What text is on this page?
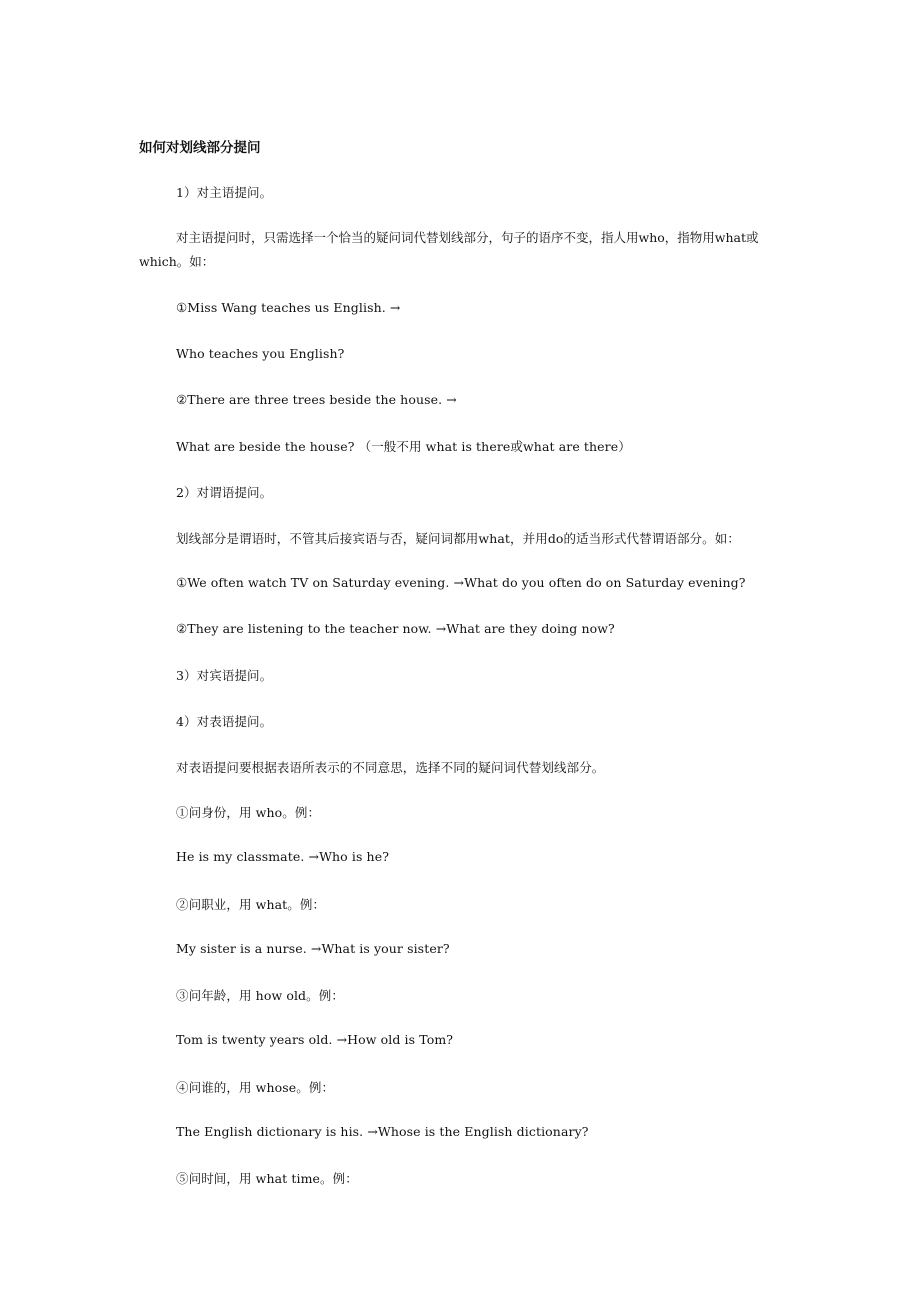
如何对划线部分提问
1）对主语提问。
对主语提问时，只需选择一个恰当的疑问词代替划线部分，句子的语序不变，指人用who，指物用what或which。如：
①Miss Wang teaches us English. →
Who teaches you English?
②There are three trees beside the house. →
What are beside the house? （一般不用 what is there或what are there）
2）对谓语提问。
划线部分是谓语时，不管其后接宾语与否，疑问词都用what，并用do的适当形式代替谓语部分。如：
①We often watch TV on Saturday evening. →What do you often do on Saturday evening?
②They are listening to the teacher now. →What are they doing now?
3）对宾语提问。
4）对表语提问。
对表语提问要根据表语所表示的不同意思，选择不同的疑问词代替划线部分。
①问身份，用 who。例：
He is my classmate. →Who is he?
②问职业，用 what。例：
My sister is a nurse. →What is your sister?
③问年龄，用 how old。例：
Tom is twenty years old. →How old is Tom?
④问谁的，用 whose。例：
The English dictionary is his. →Whose is the English dictionary?
⑤问时间，用 what time。例：
